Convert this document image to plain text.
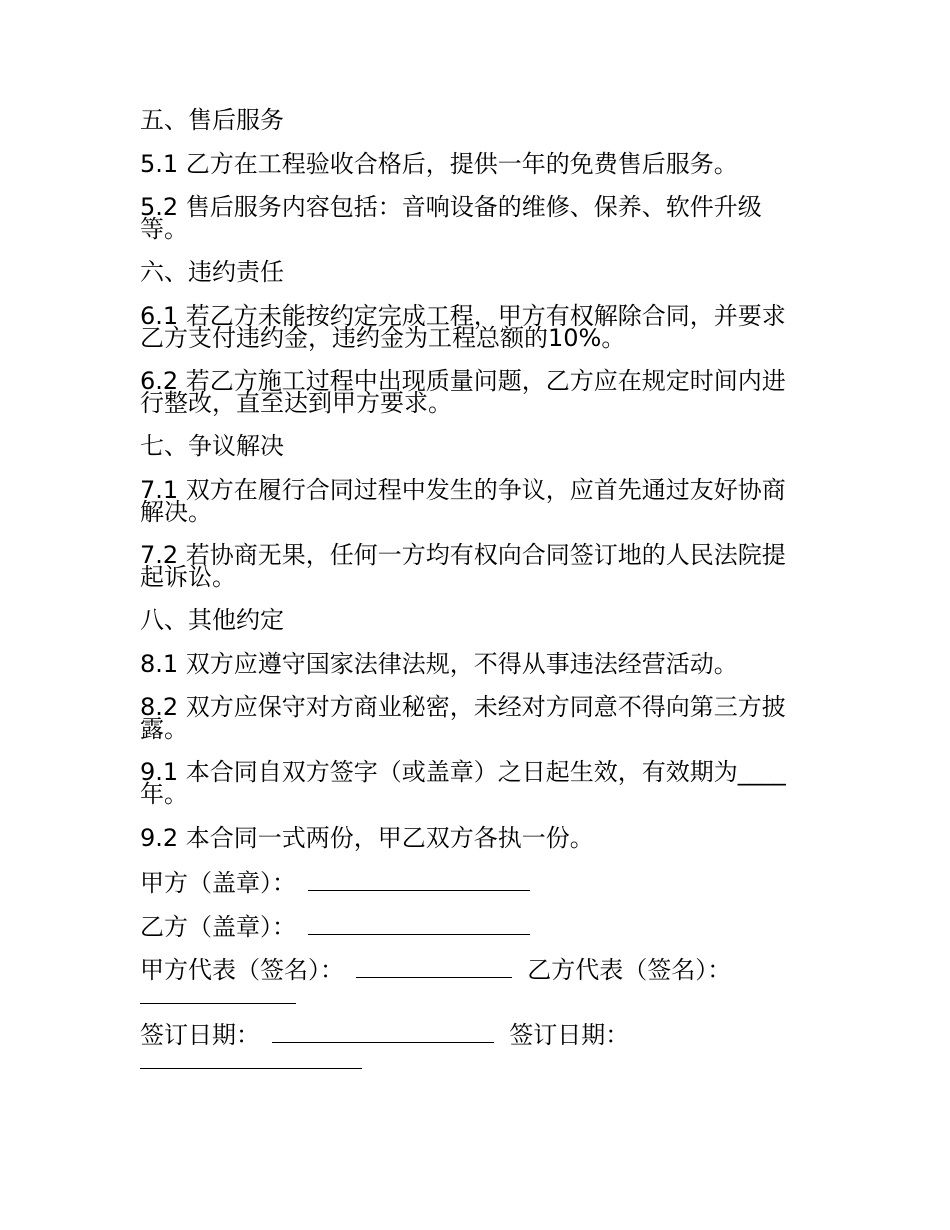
五、售后服务
5.1 乙方在工程验收合格后，提供一年的免费售后服务。
5.2 售后服务内容包括：音响设备的维修、保养、软件升级等。
六、违约责任
6.1 若乙方未能按约定完成工程，甲方有权解除合同，并要求乙方支付违约金，违约金为工程总额的10%。
6.2 若乙方施工过程中出现质量问题，乙方应在规定时间内进行整改，直至达到甲方要求。
七、争议解决
7.1 双方在履行合同过程中发生的争议，应首先通过友好协商解决。
7.2 若协商无果，任何一方均有权向合同签订地的人民法院提起诉讼。
八、其他约定
8.1 双方应遵守国家法律法规，不得从事违法经营活动。
8.2 双方应保守对方商业秘密，未经对方同意不得向第三方披露。
9.1 本合同自双方签字（或盖章）之日起生效，有效期为____年。
9.2 本合同一式两份，甲乙双方各执一份。
甲方（盖章）：
乙方（盖章）：
甲方代表（签名）：	乙方代表（签名）：
签订日期：	签订日期：
